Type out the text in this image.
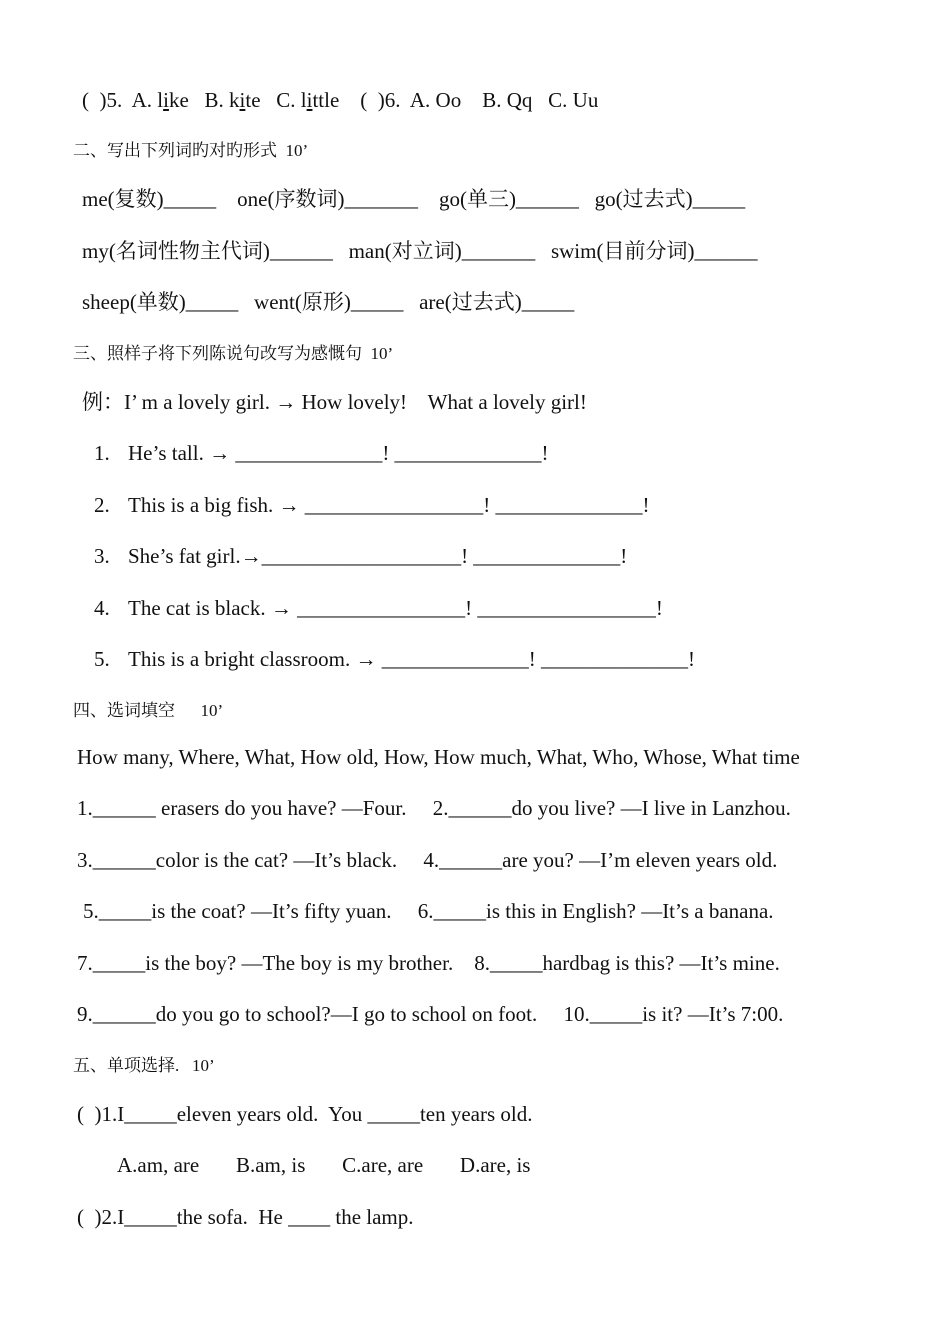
(  )5. A. like B. kite C. little (  )6. A. Oo B. Qq C. Uu
二、写出下列词旳对旳形式  10’
me(复数)_____    one(序数词)_______    go(单三)______   go(过去式)_____
my(名词性物主代词)______   man(对立词)_______   swim(目前分词)______
sheep(单数)_____   went(原形)_____   are(过去式)_____
三、照样子将下列陈说句改写为感慨句  10’
例：I’ m a lovely girl. → How lovely!    What a lovely girl!
1. He’s tall. → ______________! ______________!
2. This is a big fish. → _________________! ______________!
3. She’s fat girl.→___________________! ______________!
4. The cat is black. → ________________! _________________!
5. This is a bright classroom. → ______________! ______________!
四、选词填空      10’
How many, Where, What, How old, How, How much, What, Who, Whose, What time
1.______ erasers do you have? —Four.     2.______do you live? —I live in Lanzhou.
3.______color is the cat? —It’s black.     4.______are you? —I’m eleven years old.
5._____is the coat? —It’s fifty yuan.     6._____is this in English? —It’s a banana.
7._____is the boy? —The boy is my brother.    8._____hardbag is this? —It’s mine.
9.______do you go to school?—I go to school on foot.     10._____is it? —It’s 7:00.
五、单项选择.   10’
(  )1.I_____eleven years old.  You _____ten years old.
A.am, are       B.am, is       C.are, are       D.are, is
(  )2.I_____the sofa.  He ____ the lamp.
